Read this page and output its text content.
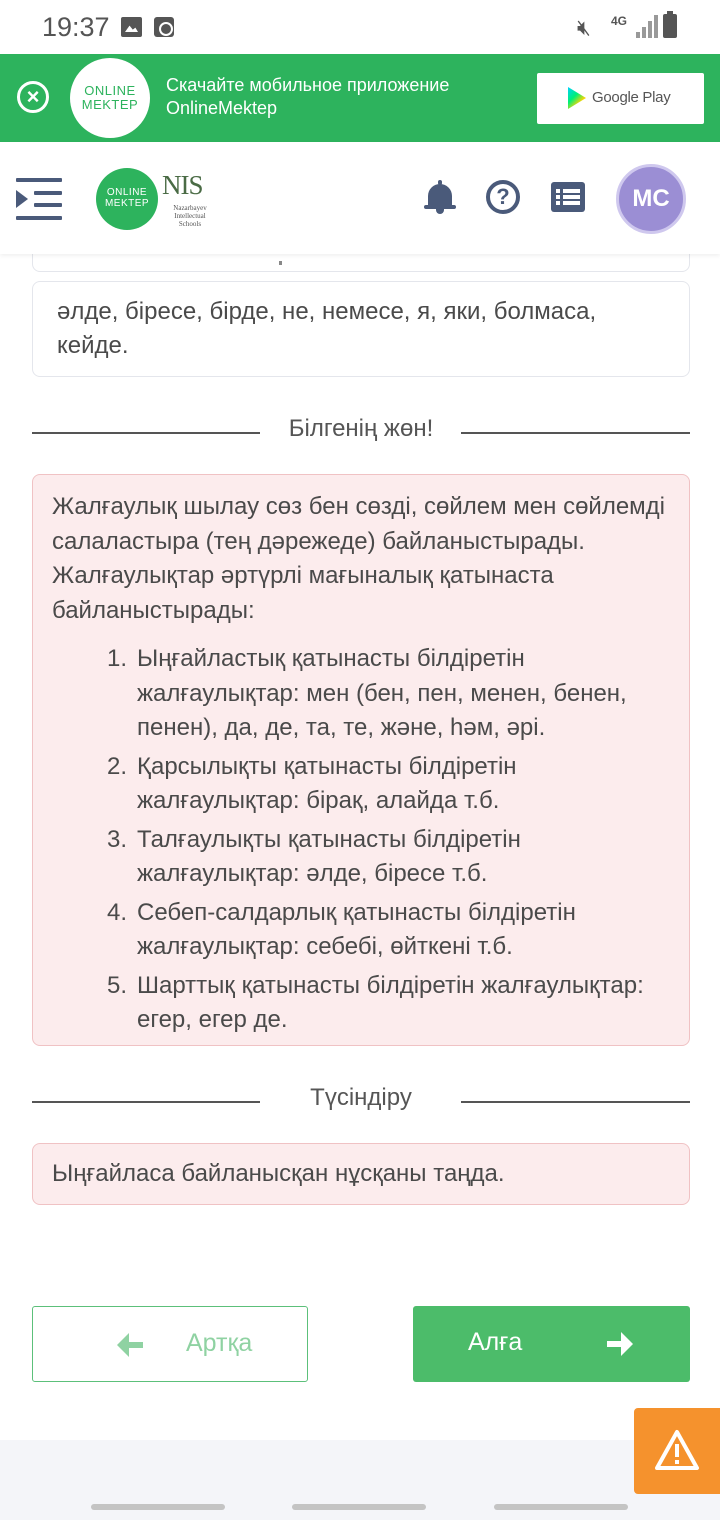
19:37	🔇︎ 4G
×	ONLINE MEKTEP
Скачайте мобильное приложение OnlineMektep
Google Play
ONLINE MEKTEP
NIS
Nazarbayev Intellectual Schools
?	MC
әлде, біресе, бірде, не, немесе, я, яки, болмаса, кейде.
Білгенің жөн!

Жалғаулық шылау сөз бен сөзді, сөйлем мен сөйлемді салаластыра (тең дәрежеде) байланыстырады. Жалғаулықтар әртүрлі мағыналық қатынаста байланыстырады:

1. Ыңғайластық қатынасты білдіретін жалғаулықтар: мен (бен, пен, менен, бенен, пенен), да, де, та, те, және, һәм, әрі.
2. Қарсылықты қатынасты білдіретін жалғаулықтар: бірақ, алайда т.б.
3. Талғаулықты қатынасты білдіретін жалғаулықтар: әлде, біресе т.б.
4. Себеп-салдарлық қатынасты білдіретін жалғаулықтар: себебі, өйткені т.б.
5. Шарттық қатынасты білдіретін жалғаулықтар: егер, егер де.
Түсіндіру
Ыңғайласа байланысқан нұсқаны таңда.
Артқа	Алға
